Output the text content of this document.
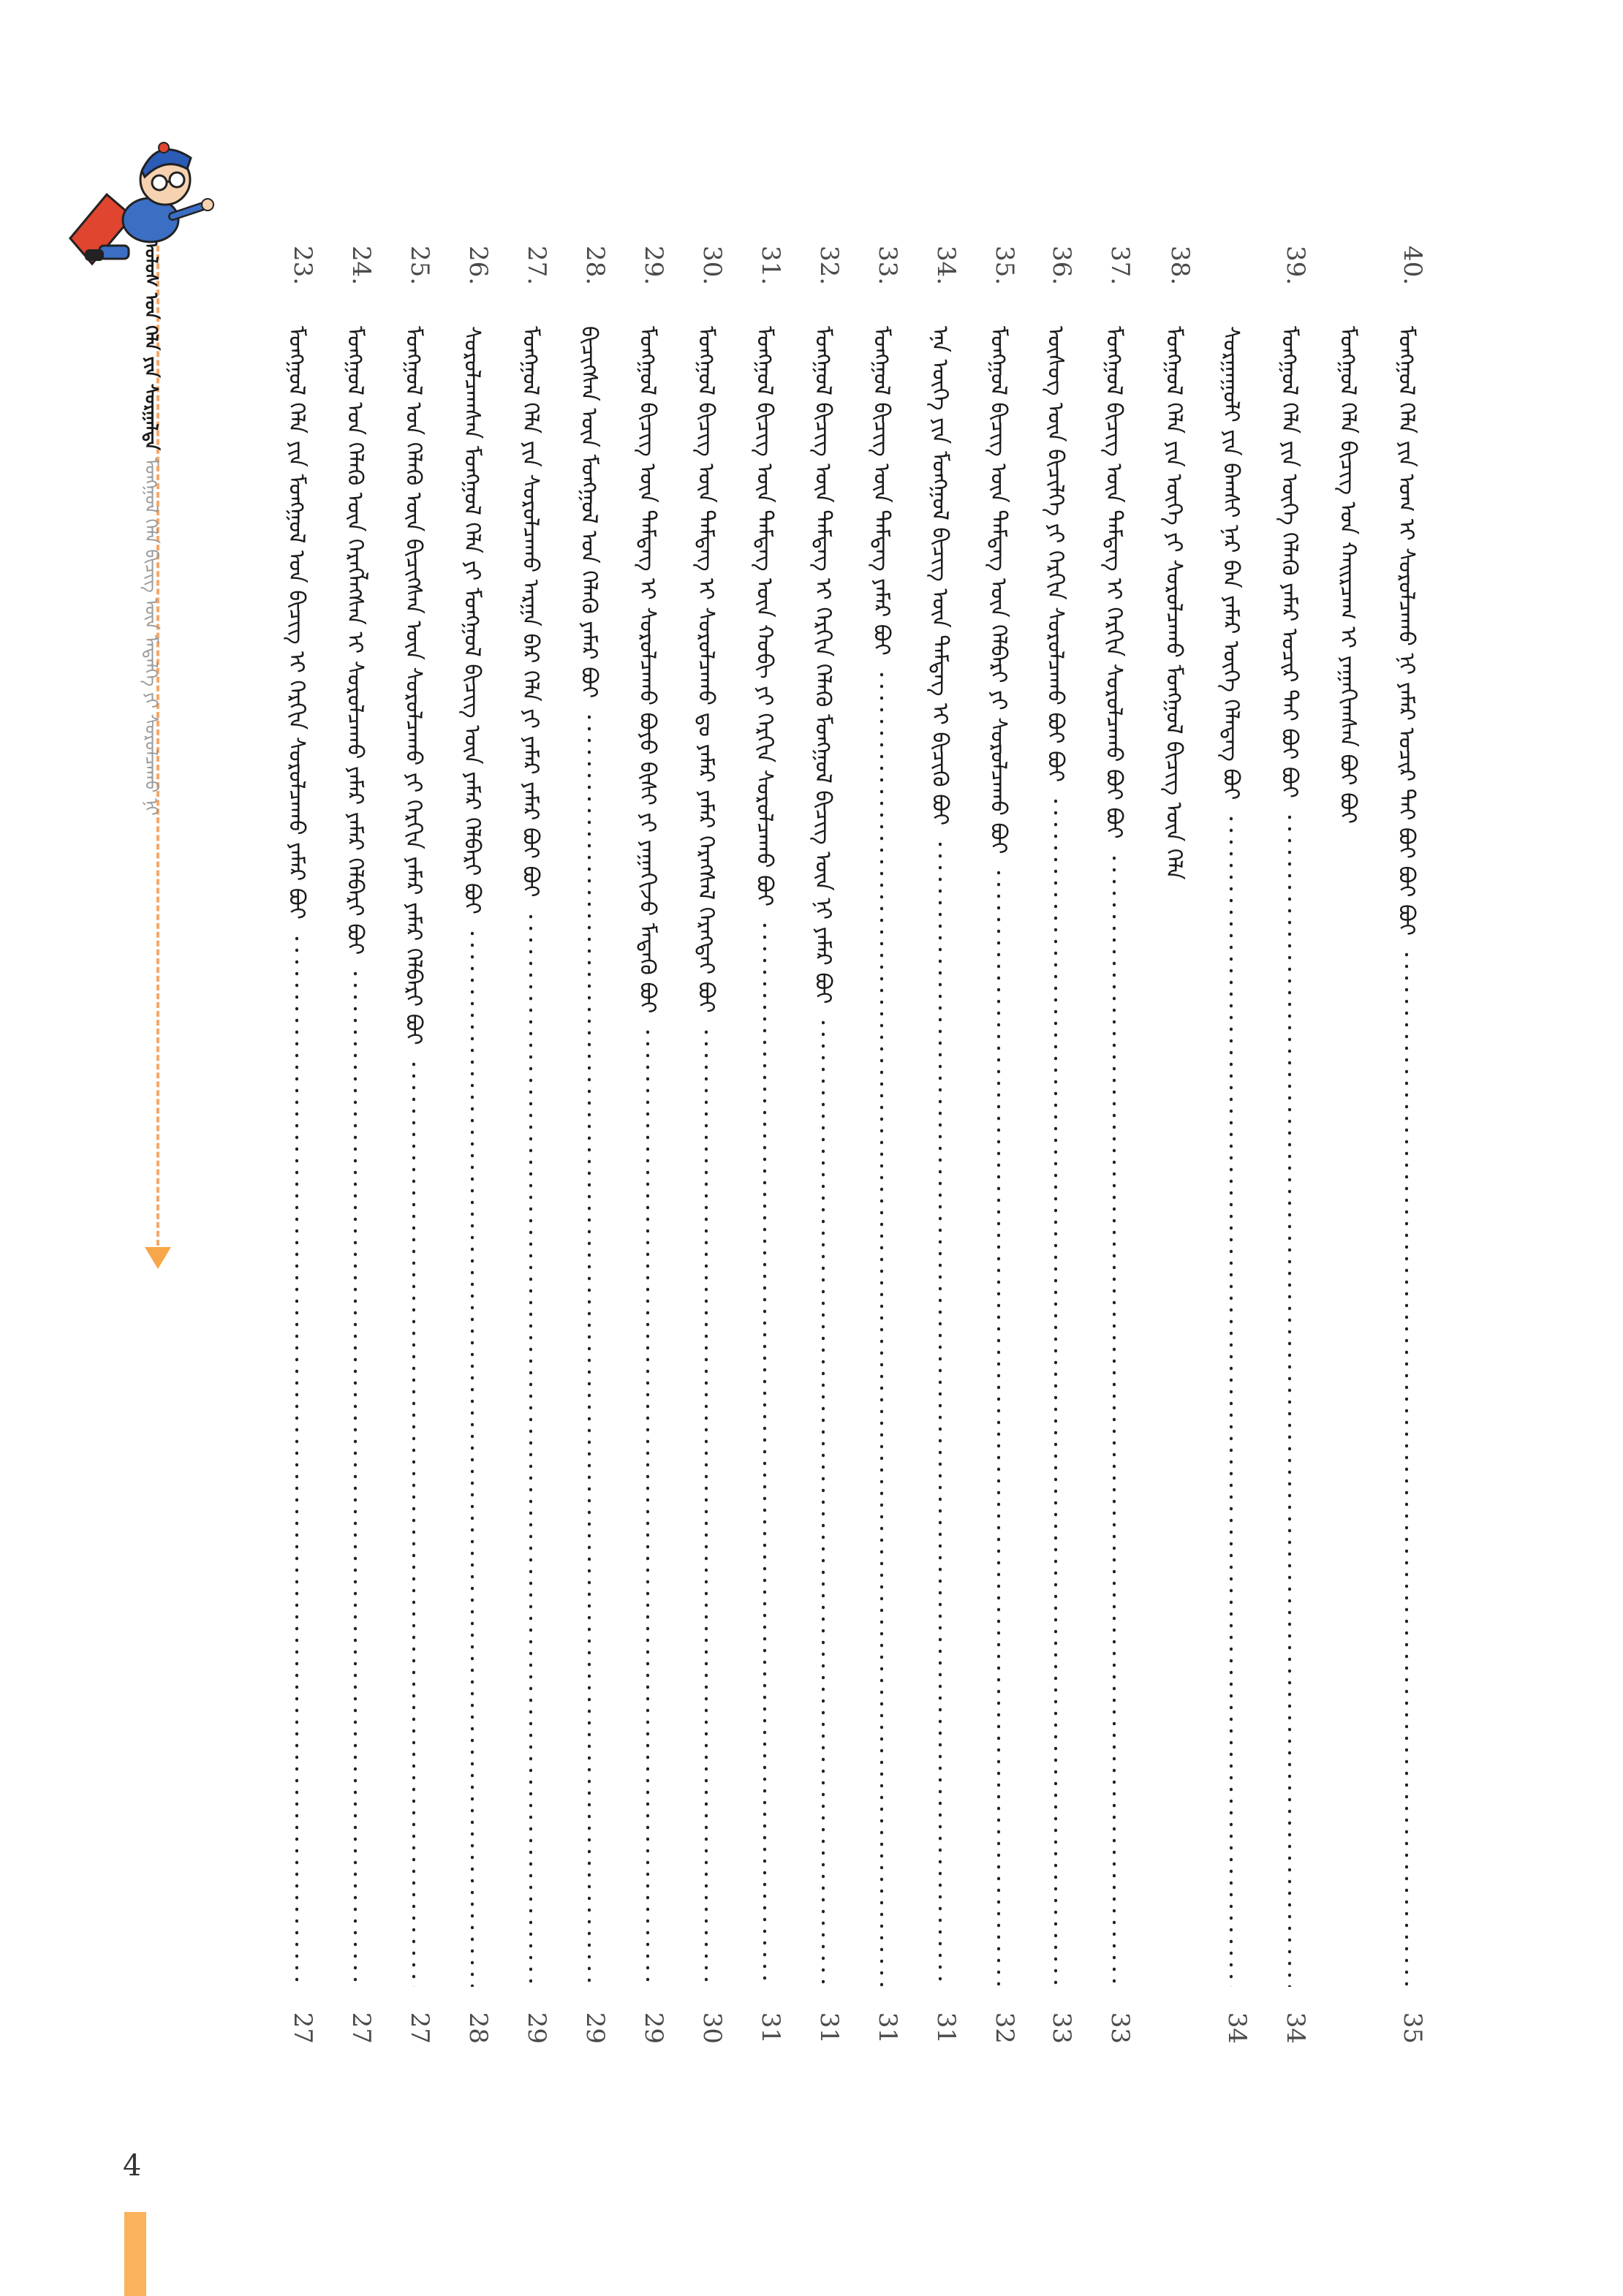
ᠤᠯᠤᠰ ᠤᠨ ᠬᠡᠯᠡ ᠶᠢᠨ ᠰᠤᠷᠭᠠᠯᠲᠠ
ᠮᠣᠩᠭᠣᠯ ᠬᠡᠯᠡ ᠪᠢᠴᠢᠭ ᠦᠨ ᠮᠡᠳᠡᠯᠭᠡ ᠶᠢ ᠰᠤᠷᠤᠯᠴᠠᠬᠤ ᠨᠢ
40.
ᠮᠣᠩᠭᠣᠯ ᠬᠡᠯᠡ ᠶᠢᠨ ᠤᠭ ᠢ ᠰᠤᠷᠤᠯᠴᠠᠬᠤ ᠨᠢ ᠶᠠᠮᠠᠷ ᠤᠴᠢᠷ ᠲᠠᠢ ᠪᠤᠢ ᠪᠤᠢ ᠪᠤᠢ
35
ᠮᠣᠩᠭᠣᠯ ᠬᠡᠯᠡ ᠪᠢᠴᠢᠭ ᠤᠨ ᠬᠠᠢᠷᠴᠠᠭ ᠢ ᠶᠠᠭᠠᠬᠢᠭᠰᠠᠨ ᠪᠤᠢ ᠪᠤᠢ
39.
ᠮᠣᠩᠭᠣᠯ ᠬᠡᠯᠡ ᠶᠢᠨ ᠦᠭᠡ ᠬᠡᠯᠡᠬᠦ ᠶᠠᠮᠠᠷ ᠤᠴᠢᠷ ᠲᠠᠢ ᠪᠤᠢ ᠪᠤᠢ
34
ᠰᠤᠷᠭᠠᠭᠤᠯᠢ ᠶᠢᠨ ᠪᠠᠭᠰᠢ ᠨᠠᠷ ᠪᠠᠨ ᠶᠠᠮᠠᠷ ᠦᠭᠡ ᠬᠡᠯᠡᠳᠡᠭ ᠪᠤᠢ
34
38.
ᠮᠣᠩᠭᠣᠯ ᠬᠡᠯᠡ ᠶᠢᠨ ᠦᠭᠡ ᠶᠢ ᠰᠤᠷᠤᠯᠴᠠᠬᠤ ᠮᠣᠩᠭᠣᠯ ᠪᠢᠴᠢᠭ ᠦᠨ ᠬᠡᠯᠡ
37.
ᠮᠣᠩᠭᠣᠯ ᠪᠢᠴᠢᠭ ᠦᠨ ᠲᠡᠮᠳᠡᠭ ᠢ ᠬᠡᠷᠬᠢᠨ ᠰᠤᠷᠤᠯᠴᠠᠬᠤ ᠪᠤᠢ ᠪᠤᠢ
33
36.
ᠦᠰᠦᠭ ᠦᠨ ᠪᠢᠴᠢᠯᠭᠡ ᠶᠢ ᠬᠡᠷᠬᠢᠨ ᠰᠤᠷᠤᠯᠴᠠᠬᠤ ᠪᠤᠢ ᠪᠤᠢ
33
35.
ᠮᠣᠩᠭᠣᠯ ᠪᠢᠴᠢᠭ ᠦᠨ ᠲᠡᠮᠳᠡᠭ ᠦᠨ ᠬᠡᠯᠪᠡᠷᠢ ᠶᠢ ᠰᠤᠷᠤᠯᠴᠠᠬᠤ ᠪᠤᠢ
32
34.
ᠡᠨᠡ ᠦᠭᠡ ᠶᠢᠨ ᠮᠣᠩᠭᠣᠯ ᠪᠢᠴᠢᠭ ᠦᠨ ᠲᠡᠮᠳᠡᠭ ᠢ ᠪᠢᠴᠢᠬᠦ ᠪᠤᠢ
31
33.
ᠮᠣᠩᠭᠣᠯ ᠪᠢᠴᠢᠭ ᠦᠨ ᠲᠡᠮᠳᠡᠭ ᠶᠠᠮᠠᠷ ᠪᠤᠢ
31
32.
ᠮᠣᠩᠭᠣᠯ ᠪᠢᠴᠢᠭ ᠦᠨ ᠲᠡᠮᠳᠡᠭ ᠢ ᠬᠡᠷᠬᠢᠨ ᠬᠡᠯᠡᠬᠦ ᠮᠣᠩᠭᠣᠯ ᠪᠢᠴᠢᠭ ᠦᠨ ᠨᠢ ᠶᠠᠮᠠᠷ ᠪᠤᠢ
31
31.
ᠮᠣᠩᠭᠣᠯ ᠪᠢᠴᠢᠭ ᠦᠨ ᠲᠡᠮᠳᠡᠭ ᠦᠨ ᠬᠤᠪᠢ ᠶᠢ ᠬᠡᠷᠬᠢᠨ ᠰᠤᠷᠤᠯᠴᠠᠬᠤ ᠪᠤᠢ
31
30.
ᠮᠣᠩᠭᠣᠯ ᠪᠢᠴᠢᠭ ᠦᠨ ᠲᠡᠮᠳᠡᠭ ᠢ ᠰᠤᠷᠤᠯᠴᠠᠬᠤ ᠳᠤ ᠶᠠᠮᠠᠷ ᠶᠠᠮᠠᠷ ᠬᠡᠷᠡᠭᠰᠡᠯ ᠬᠡᠷᠡᠭᠲᠡᠢ ᠪᠤᠢ
30
29.
ᠮᠣᠩᠭᠣᠯ ᠪᠢᠴᠢᠭ ᠦᠨ ᠲᠡᠮᠳᠡᠭ ᠢ ᠰᠤᠷᠤᠯᠴᠠᠬᠤ ᠪᠤᠶᠤ ᠪᠢᠰᠢ ᠶᠢ ᠶᠠᠭᠠᠬᠢᠵᠤ ᠮᠡᠳᠡᠬᠦ ᠪᠤᠢ
29
28.
ᠪᠢᠴᠢᠭᠰᠡᠨ ᠦᠨ ᠮᠣᠩᠭᠣᠯ ᠤᠨ ᠬᠡᠯᠡᠬᠦ ᠶᠠᠮᠠᠷ ᠪᠤᠢ
29
27.
ᠮᠣᠩᠭᠣᠯ ᠬᠡᠯᠡ ᠶᠢᠨ ᠰᠤᠷᠤᠯᠴᠠᠬᠤ ᠠᠷᠭᠠ ᠪᠠᠷ ᠬᠡᠯᠡ ᠶᠢ ᠶᠠᠮᠠᠷ ᠶᠠᠮᠠᠷ ᠪᠤᠢ ᠪᠤᠢ
29
26.
ᠰᠤᠷᠤᠯᠴᠠᠭᠰᠠᠨ ᠮᠣᠩᠭᠣᠯ ᠬᠡᠯᠡ ᠶᠢ ᠮᠣᠩᠭᠣᠯ ᠪᠢᠴᠢᠭ ᠦᠨ ᠶᠠᠮᠠᠷ ᠬᠡᠯᠪᠡᠷᠢ ᠪᠤᠢ
28
25.
ᠮᠣᠩᠭᠣᠯ ᠤᠨ ᠬᠡᠯᠡᠬᠦ ᠦᠨ ᠪᠢᠴᠢᠭᠰᠡᠨ ᠦᠨ ᠰᠤᠷᠤᠯᠴᠠᠬᠤ ᠶᠢ ᠬᠡᠷᠬᠢᠨ ᠶᠠᠮᠠᠷ ᠶᠠᠮᠠᠷ ᠬᠡᠯᠪᠡᠷᠢ ᠪᠤᠢ
27
24.
ᠮᠣᠩᠭᠣᠯ ᠤᠨ ᠬᠡᠯᠡᠬᠦ ᠦᠨ ᠬᠡᠷᠡᠭᠯᠡᠭᠰᠡᠨ ᠢ ᠰᠤᠷᠤᠯᠴᠠᠬᠤ ᠶᠠᠮᠠᠷ ᠶᠠᠮᠠᠷ ᠬᠡᠯᠪᠡᠷᠢ ᠪᠤᠢ
27
23.
ᠮᠣᠩᠭᠣᠯ ᠬᠡᠯᠡ ᠶᠢᠨ ᠮᠣᠩᠭᠣᠯ ᠤᠨ ᠪᠢᠴᠢᠭ ᠢ ᠬᠡᠷᠬᠢᠨ ᠰᠤᠷᠤᠯᠴᠠᠬᠤ ᠶᠠᠮᠠᠷ ᠪᠤᠢ
27
4
